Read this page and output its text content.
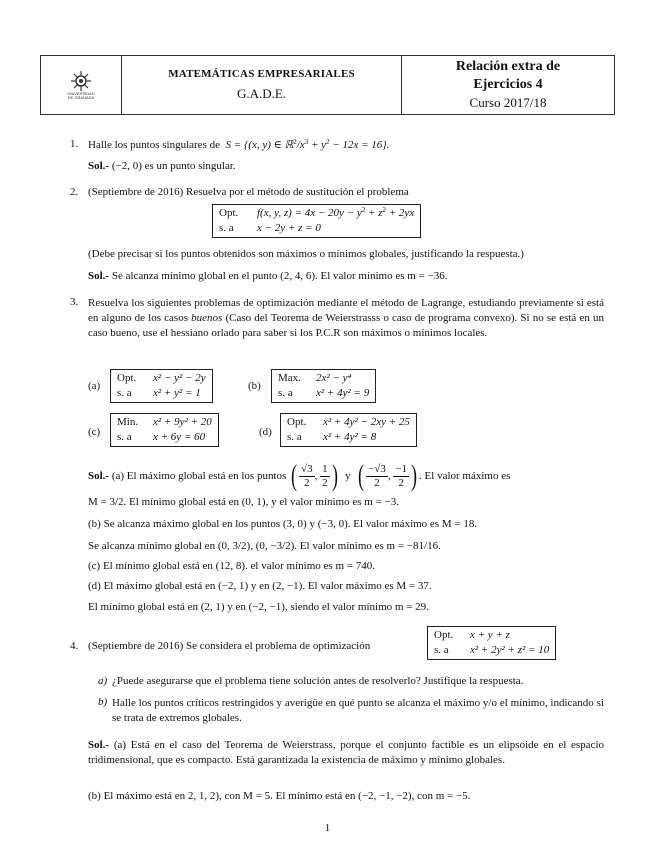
UNIVERSIDAD
DE GRANADA
MATEMÁTICAS EMPRESARIALES
G.A.D.E.
Relación extra de
Ejercicios 4
Curso 2017/18
1. Halle los puntos singulares de S = {(x, y) ∈ $ℝ^2/x^3 + y^2 - 12x = 16$}.
Sol.- (−2, 0) es un punto singular.
2. (Septiembre de 2016) Resuelva por el método de sustitución el problema
Opt.	f(x, y, $z) = 4x - 20y - y^2 + z^2 + 2yx$
s. a	x − 2y + z = 0
(Debe precisar si los puntos obtenidos son máximos o mínimos globales, justificando la respuesta.)
Sol.- Se alcanza mínimo global en el punto (2, 4, 6). El valor mínimo es m = −36.
3. Resuelva los siguientes problemas de optimización mediante el método de Lagrange, estudiando previamente si está en alguno de los casos buenos (Caso del Teorema de Weierstrasss o caso de programa convexo). Si no se está en un caso bueno, use el hessiano orlado para saber si los P.C.R son máximos o mínimos locales.
(a)
Opt.	x² − y² − 2y
s. a	x² + y² = 1
(b)
Max.	2x² − y⁴
s. a	x² + 4y² = 9
(c)
Min.	x² + 9y² + 20
s. a	x + 6y = 60	(d)
Opt.	x² + 4y² − 2xy + 25
s. a	x² + 4y² = 8
Sol.-
(a) El máximo global está en los puntos
( $\frac{√3}{2}$ , $\frac{1}{2}$ )
y
( $\frac{-√3}{2}$ , $\frac{-1}{2}$ ) . El valor máximo es
M = 3/2. El mínimo global está en (0, 1), y el valor mínimo es m = −3.
(b) Se alcanza máximo global en los puntos (3, 0) y (−3, 0). El valor máximo es M = 18.
Se alcanza mínimo global en (0, 3/2), (0, −3/2). El valor mínimo es m = −81/16.
(c) El mínimo global está en (12, 8). el valor mínimo es m = 740.
(d) El máximo global está en (−2, 1) y en (2, −1). El valor máximo es M = 37.
El mínimo global está en (2, 1) y en (−2, −1), siendo el valor mínimo m = 29.
4. (Septiembre de 2016) Se considera el problema de optimización
Opt.	x + y + z
s. a	x² + 2y² + z² = 10
a) ¿Puede asegurarse que el problema tiene solución antes de resolverlo? Justifique la respuesta.
b) Halle los puntos críticos restringidos y averigüe en qué punto se alcanza el máximo y/o el mínimo, indicando si se trata de extremos globales.
Sol.- (a) Está en el caso del Teorema de Weierstrass, porque el conjunto factible es un elipsoide en el espacio tridimensional, que es compacto. Está garantizada la existencia de máximo y mínimo globales.
(b) El máximo está en 2, 1, 2), con M = 5. El mínimo está en (−2, −1, −2), con m = −5.
1
